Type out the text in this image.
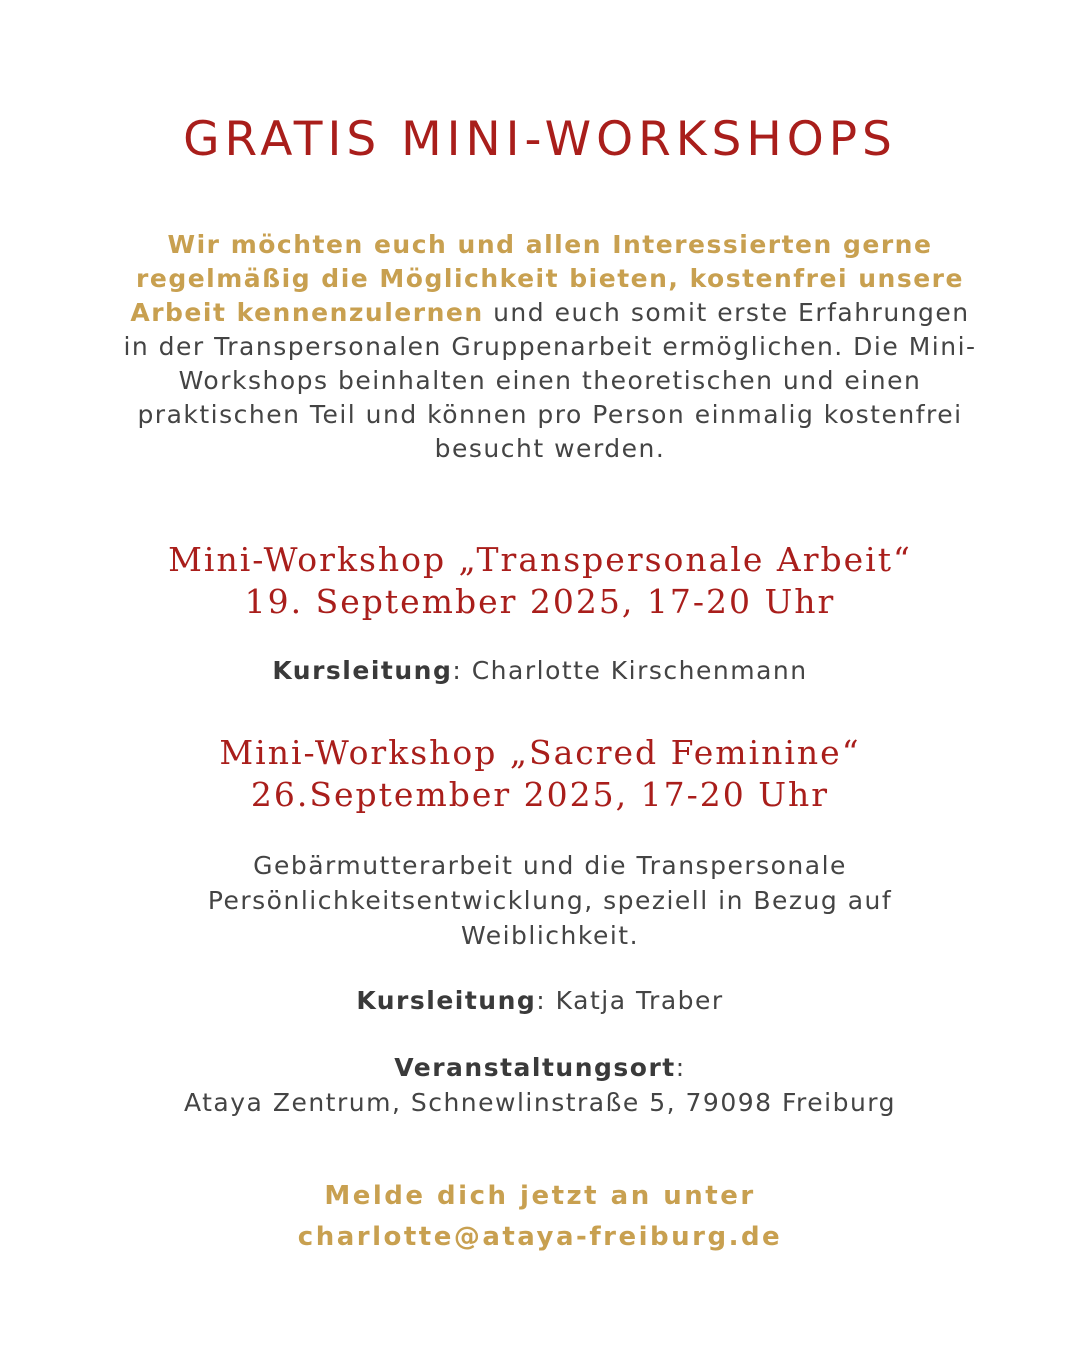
GRATIS MINI-WORKSHOPS

Wir möchten euch und allen Interessierten gerne regelmäßig die Möglichkeit bieten, kostenfrei unsere Arbeit kennenzulernen und euch somit erste Erfahrungen in der Transpersonalen Gruppenarbeit ermöglichen. Die Mini-Workshops beinhalten einen theoretischen und einen praktischen Teil und können pro Person einmalig kostenfrei besucht werden.

Mini-Workshop „Transpersonale Arbeit“
19. September 2025, 17-20 Uhr

Kursleitung: Charlotte Kirschenmann

Mini-Workshop „Sacred Feminine“
26.September 2025, 17-20 Uhr

Gebärmutterarbeit und die Transpersonale Persönlichkeitsentwicklung, speziell in Bezug auf Weiblichkeit.

Kursleitung: Katja Traber

Veranstaltungsort:
Ataya Zentrum, Schnewlinstraße 5, 79098 Freiburg
Melde dich jetzt an unter
charlotte@ataya-freiburg.de
